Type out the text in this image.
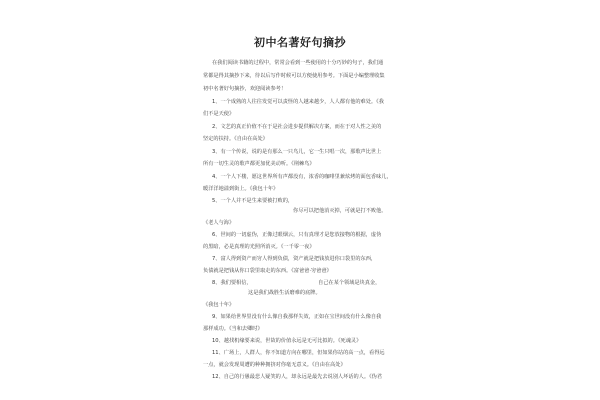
初中名著好句摘抄
在我们阅读书籍的过程中，常常会看到一些使用的十分巧妙的句子，我们通
常都是得其摘抄下来，待以后写作时候可以方便使用参考。下面是小编整理收集
初中名著好句摘抄，欢迎阅读参考！
1、一个成熟的人往往发觉可以责怪的人越来越少，人人都有他的难处。《我
们不是天使》
2、文艺的真正价值不在于是社会进步提供解决方案，而在于对人性之美的
坚定的扶持。《自由在高处》
3、有一个传说，说的是有那么一只鸟儿，它一生只唱一次，那歌声比世上
所有一切生灵的歌声都更加优美动听。《荆棘鸟》
4、一个人下楼，愿这世界所有声都没有，浓香的咖啡里兼炫烤的面包香味儿，
暖洋洋地溢到街上。《我包十年》
5、一个人并不是生来要被打败的，
你尽可以把他消灭掉，可就是打不败他。
《老人与海》
6、世间的一切虚伪，正像过眼烟云，只有真理才是您放接物的根据，虚伪
的黑暗，必是真理的光照所消灭。《一千零一夜》
7、富人得到资产而穷人得到负债，资产就是把钱放进你口袋里的东西，
负债就是把钱从你口袋里取走的东西。《富爸爸·穷爸爸》
8、我们要相信，	自己在某个领域是块真金，
这是我们战胜生活磨难的底牌。
《我包十年》
9、如果给世界里没有什么像自我那样失效，正如在宝世间没有什么像自我
那样成功。《当和去卿时》
10、越找机缘要来说，世故的价值永远是无可比拟的。《死魂灵》
11、广场上，人群人，你不知道方向在哪里，但如果你站的高一点，看得远
一点，就会发现周遭的种种拥挤对你毫无意义。《自由在高处》
12、自己的行愚最悲人疑笑的人，却永远是最先去说别人坏话的人。《伪君
